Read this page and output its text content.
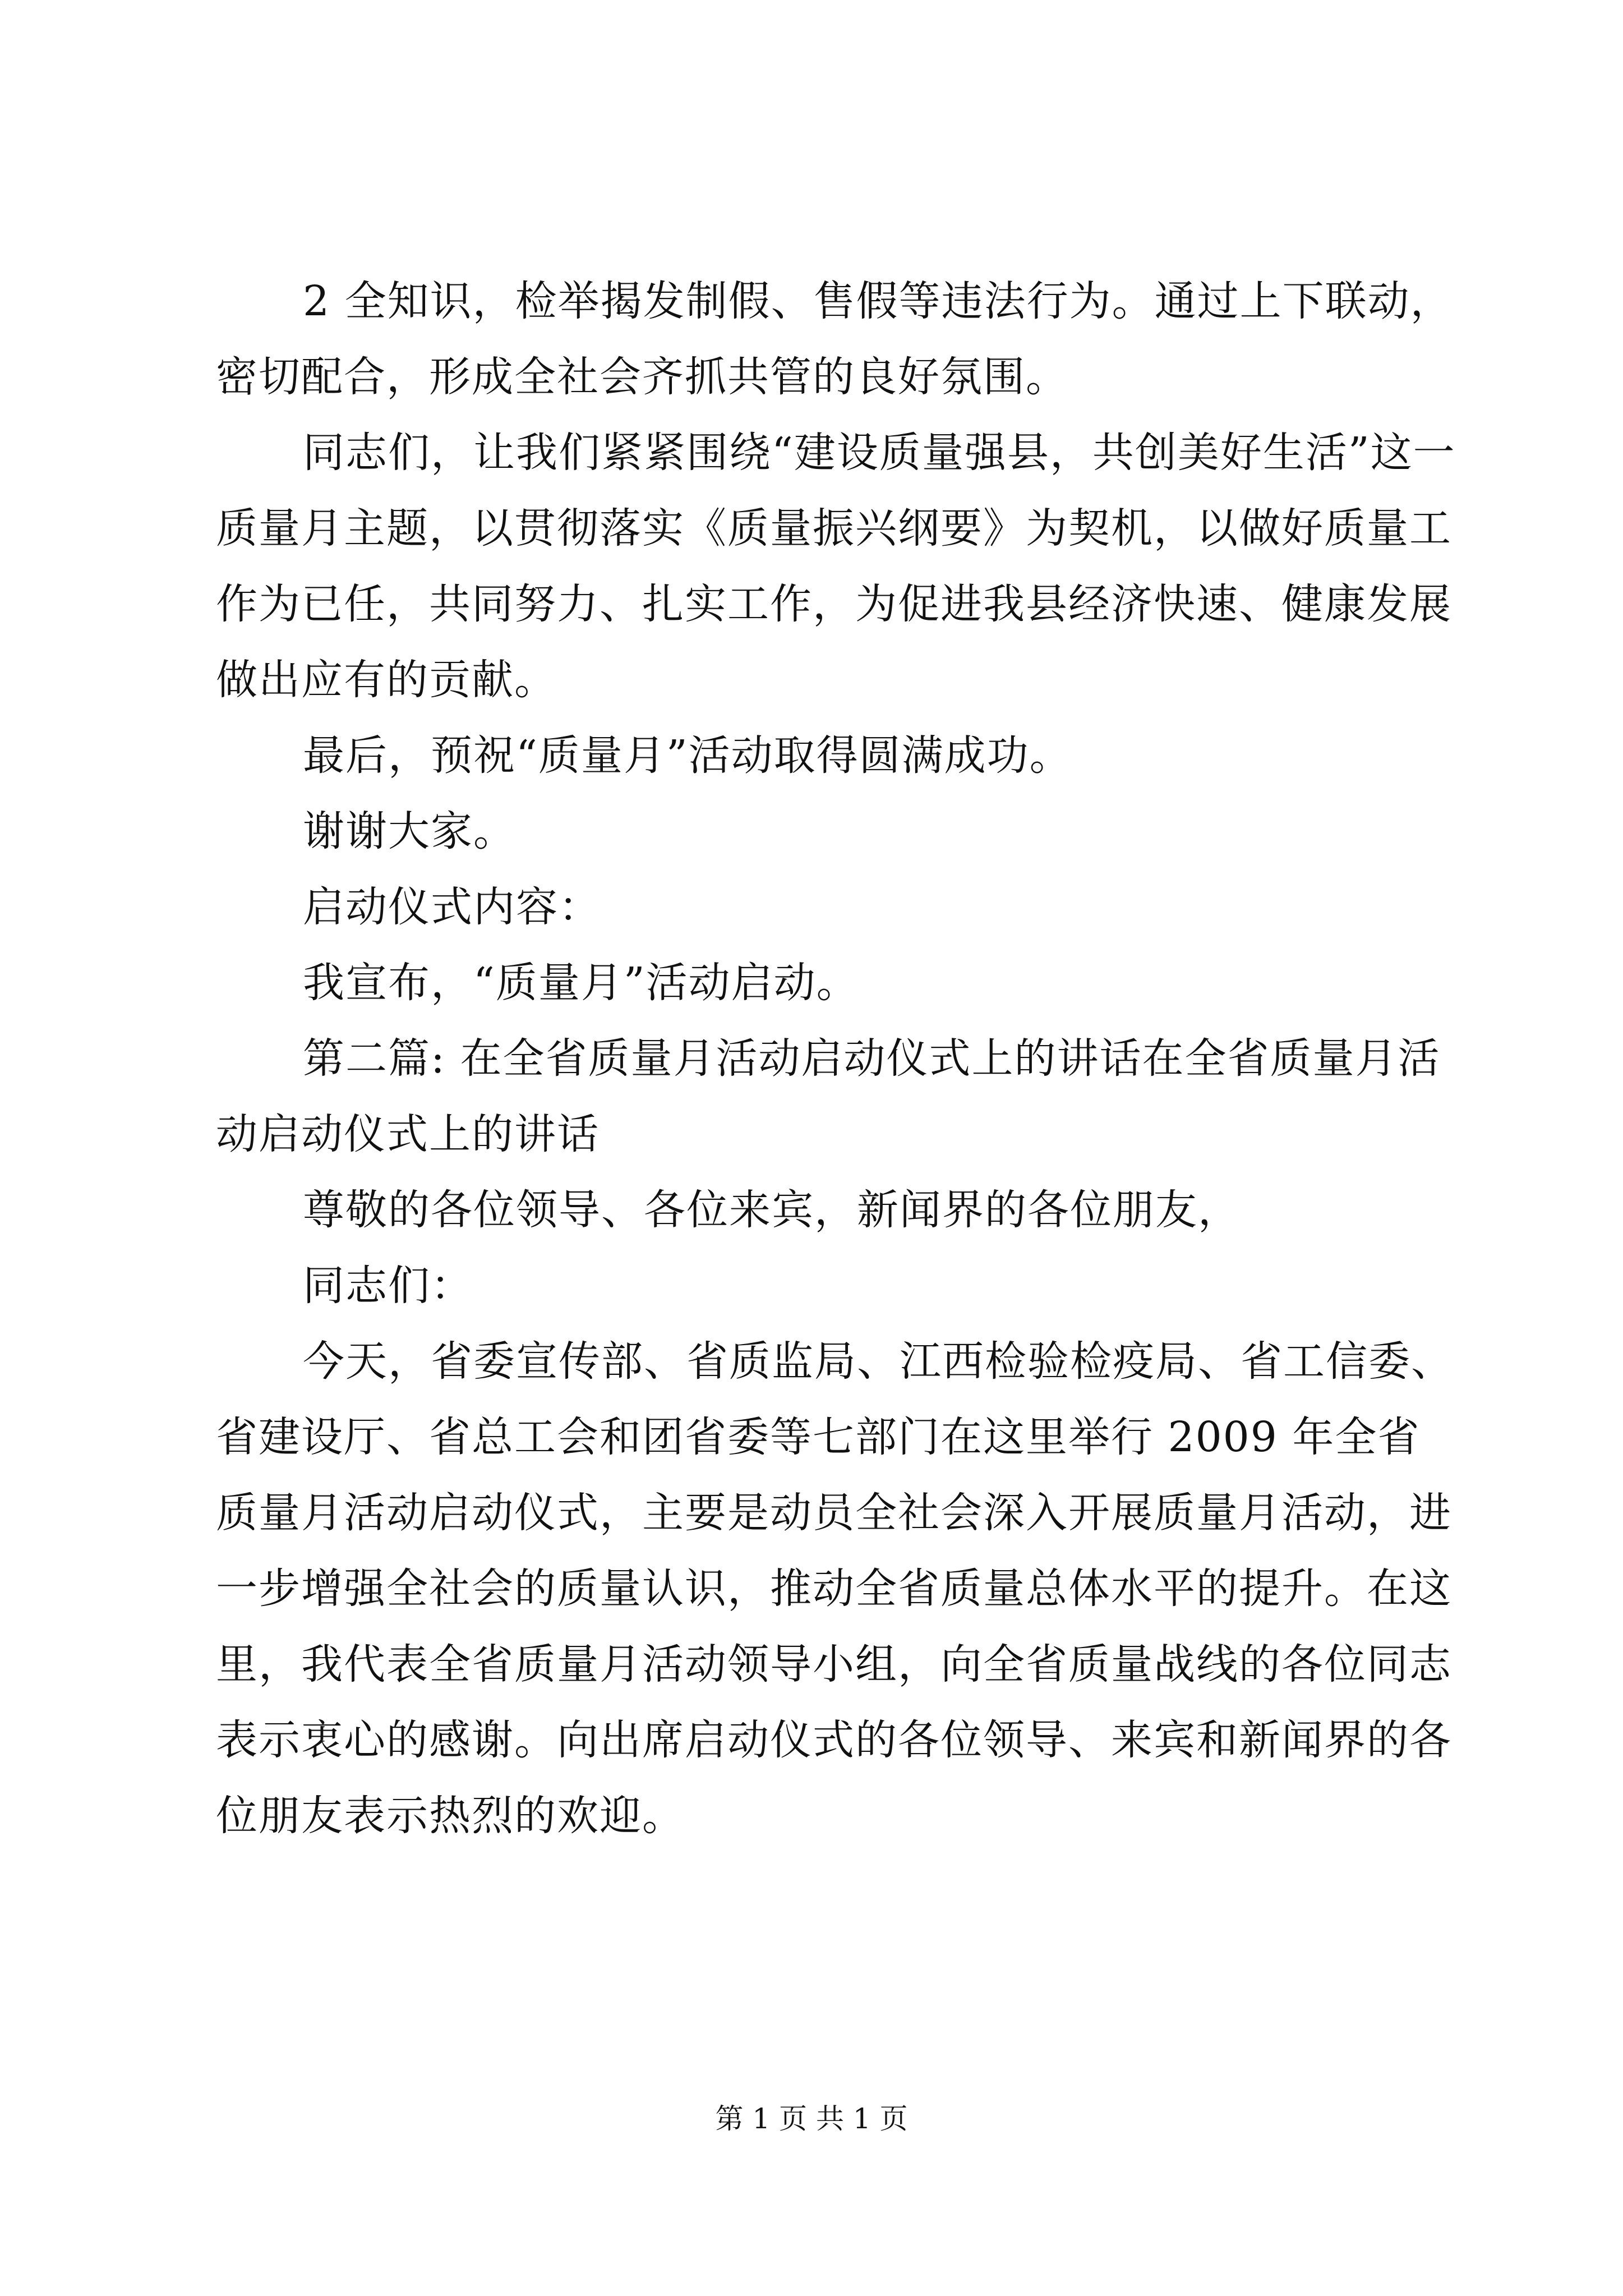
2 全知识，检举揭发制假、售假等违法行为。通过上下联动，密切配合，形成全社会齐抓共管的良好氛围。

同志们，让我们紧紧围绕“建设质量强县，共创美好生活”这一质量月主题，以贯彻落实《质量振兴纲要》为契机，以做好质量工作为已任，共同努力、扎实工作，为促进我县经济快速、健康发展做出应有的贡献。

最后，预祝“质量月”活动取得圆满成功。

谢谢大家。

启动仪式内容：

我宣布，“质量月”活动启动。

第二篇: 在全省质量月活动启动仪式上的讲话在全省质量月活动启动仪式上的讲话

尊敬的各位领导、各位来宾，新闻界的各位朋友，

同志们：

今天，省委宣传部、省质监局、江西检验检疫局、省工信委、省建设厅、省总工会和团省委等七部门在这里举行 2009 年全省质量月活动启动仪式，主要是动员全社会深入开展质量月活动，进一步增强全社会的质量认识，推动全省质量总体水平的提升。在这里，我代表全省质量月活动领导小组，向全省质量战线的各位同志表示衷心的感谢。向出席启动仪式的各位领导、来宾和新闻界的各位朋友表示热烈的欢迎。

第 1 页 共 1 页
